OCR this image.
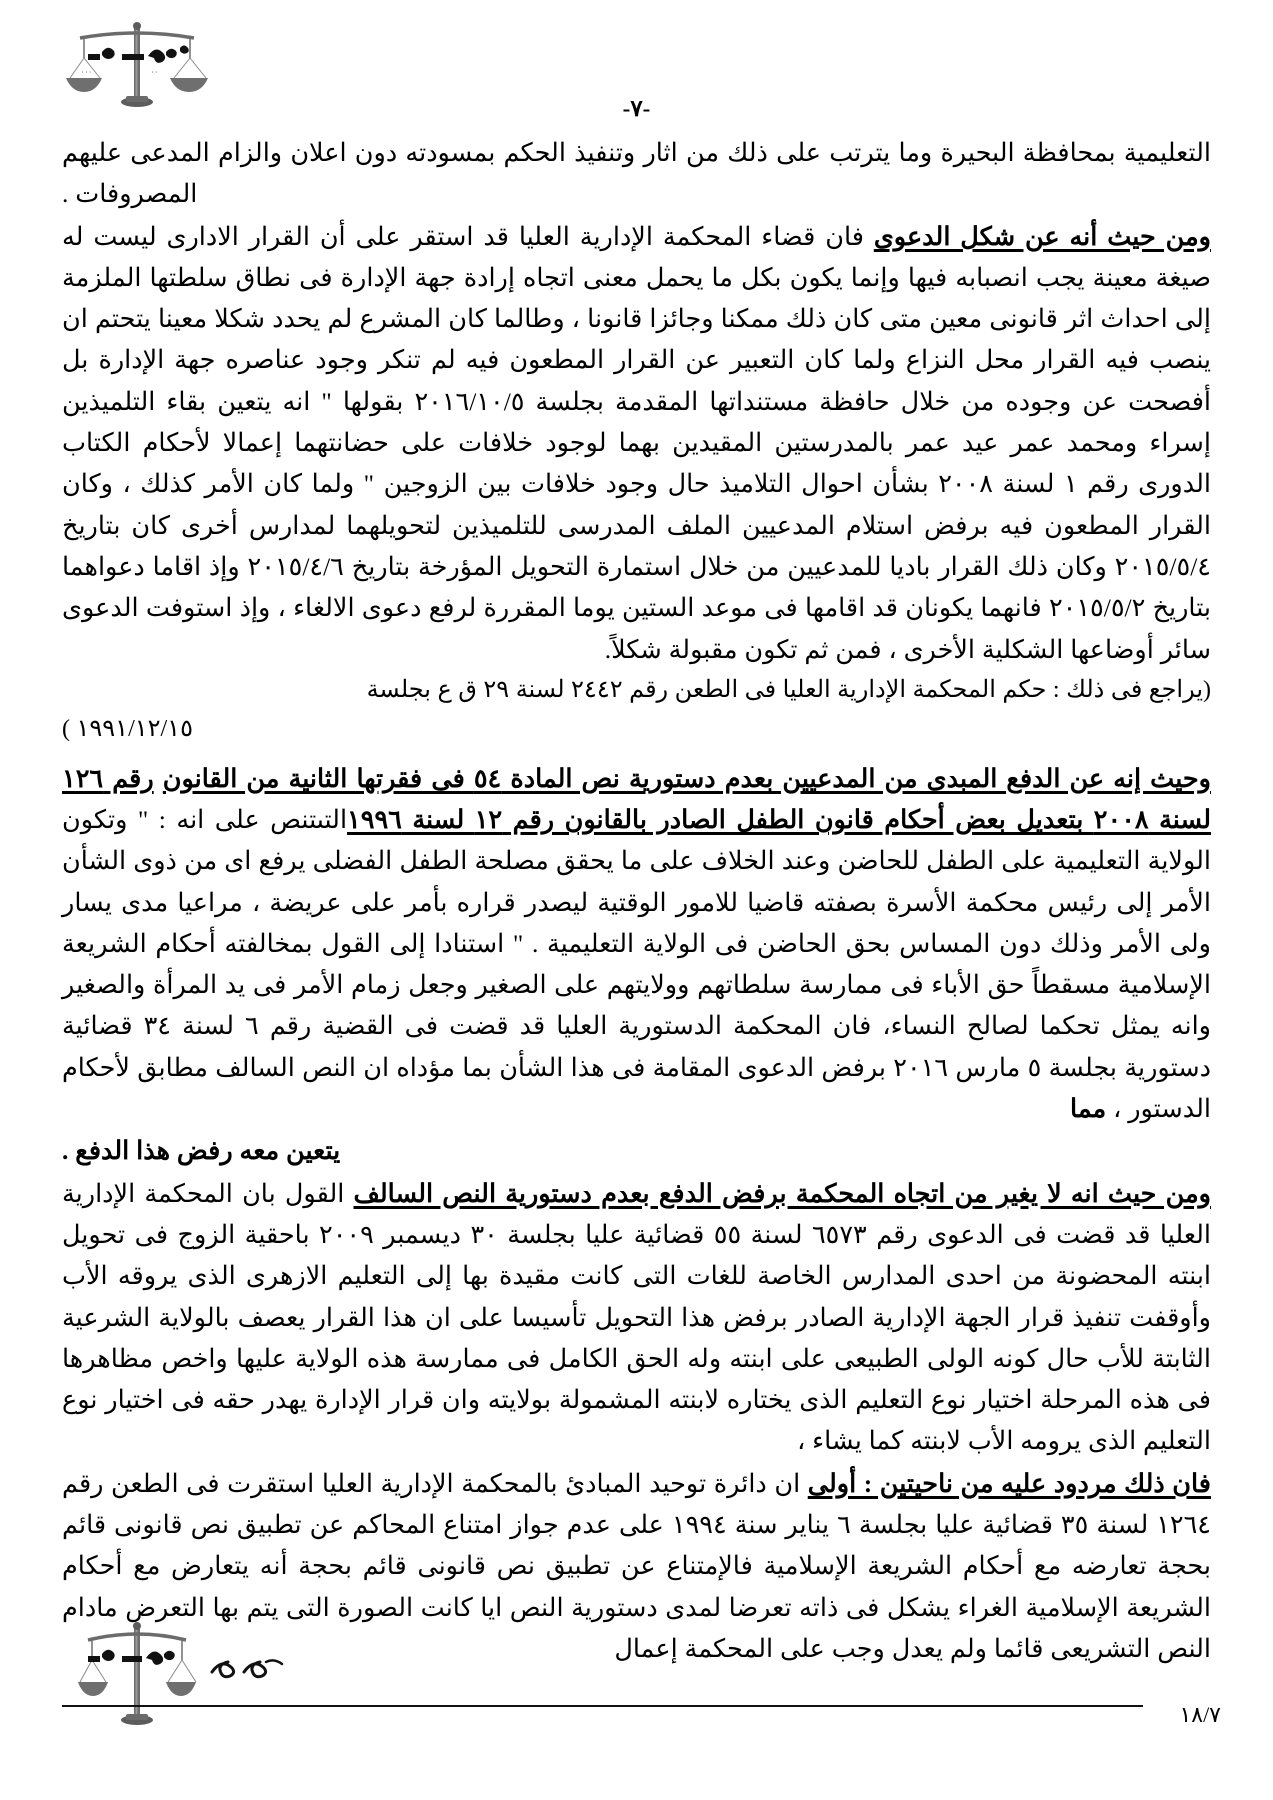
٠٠٠	٠٠
-٧-

التعليمية بمحافظة البحيرة وما يترتب على ذلك من اثار وتنفيذ الحكم بمسودته دون اعلان والزام المدعى عليهم المصروفات .

ومن حيث أنه عن شكل الدعوى فان قضاء المحكمة الإدارية العليا قد استقر على أن القرار الادارى ليست له صيغة معينة يجب انصبابه فيها وإنما يكون بكل ما يحمل معنى اتجاه إرادة جهة الإدارة فى نطاق سلطتها الملزمة إلى احداث اثر قانونى معين متى كان ذلك ممكنا وجائزا قانونا ، وطالما كان المشرع لم يحدد شكلا معينا يتحتم ان ينصب فيه القرار محل النزاع ولما كان التعبير عن القرار المطعون فيه لم تنكر وجود عناصره جهة الإدارة بل أفصحت عن وجوده من خلال حافظة مستنداتها المقدمة بجلسة ٢٠١٦/١٠/٥ بقولها " انه يتعين بقاء التلميذين إسراء ومحمد عمر عيد عمر بالمدرستين المقيدين بهما لوجود خلافات على حضانتهما إعمالا لأحكام الكتاب الدورى رقم ١ لسنة ٢٠٠٨ بشأن احوال التلاميذ حال وجود خلافات بين الزوجين " ولما كان الأمر كذلك ، وكان القرار المطعون فيه برفض استلام المدعيين الملف المدرسى للتلميذين لتحويلهما لمدارس أخرى كان بتاريخ ٢٠١٥/٥/٤ وكان ذلك القرار باديا للمدعيين من خلال استمارة التحويل المؤرخة بتاريخ ٢٠١٥/٤/٦ وإذ اقاما دعواهما بتاريخ ٢٠١٥/٥/٢ فانهما يكونان قد اقامها فى موعد الستين يوما المقررة لرفع دعوى الالغاء ، وإذ استوفت الدعوى سائر أوضاعها الشكلية الأخرى ، فمن ثم تكون مقبولة شكلاً.

(يراجع فى ذلك : حكم المحكمة الإدارية العليا فى الطعن رقم ٢٤٤٢ لسنة ٢٩ ق ع بجلسة

١٩٩١/١٢/١٥ )

وحيث إنه عن الدفع المبدى من المدعيين بعدم دستورية نص المادة ٥٤ فى فقرتها الثانية من القانون رقم ١٢٦ لسنة ٢٠٠٨ بتعديل بعض أحكام قانون الطفل الصادر بالقانون رقم ١٢ لسنة ١٩٩٦التىتنص على انه : " وتكون الولاية التعليمية على الطفل للحاضن وعند الخلاف على ما يحقق مصلحة الطفل الفضلى يرفع اى من ذوى الشأن الأمر إلى رئيس محكمة الأسرة بصفته قاضيا للامور الوقتية ليصدر قراره بأمر على عريضة ، مراعيا مدى يسار ولى الأمر وذلك دون المساس بحق الحاضن فى الولاية التعليمية . " استنادا إلى القول بمخالفته أحكام الشريعة الإسلامية مسقطاً حق الأباء فى ممارسة سلطاتهم وولايتهم على الصغير وجعل زمام الأمر فى يد المرأة والصغير وانه يمثل تحكما لصالح النساء، فان المحكمة الدستورية العليا قد قضت فى القضية رقم ٦ لسنة ٣٤ قضائية دستورية بجلسة ٥ مارس ٢٠١٦ برفض الدعوى المقامة فى هذا الشأن بما مؤداه ان النص السالف مطابق لأحكام الدستور ، مما

يتعين معه رفض هذا الدفع .

ومن حيث انه لا يغير من اتجاه المحكمة برفض الدفع بعدم دستورية النص السالف القول بان المحكمة الإدارية العليا قد قضت فى الدعوى رقم ٦٥٧٣ لسنة ٥٥ قضائية عليا بجلسة ٣٠ ديسمبر ٢٠٠٩ باحقية الزوج فى تحويل ابنته المحضونة من احدى المدارس الخاصة للغات التى كانت مقيدة بها إلى التعليم الازهرى الذى يروقه الأب وأوقفت تنفيذ قرار الجهة الإدارية الصادر برفض هذا التحويل تأسيسا على ان هذا القرار يعصف بالولاية الشرعية الثابتة للأب حال كونه الولى الطبيعى على ابنته وله الحق الكامل فى ممارسة هذه الولاية عليها واخص مظاهرها فى هذه المرحلة اختيار نوع التعليم الذى يختاره لابنته المشمولة بولايته وان قرار الإدارة يهدر حقه فى اختيار نوع التعليم الذى يرومه الأب لابنته كما يشاء ،

فان ذلك مردود عليه من ناحيتين : أولى ان دائرة توحيد المبادئ بالمحكمة الإدارية العليا استقرت فى الطعن رقم ١٢٦٤ لسنة ٣٥ قضائية عليا بجلسة ٦ يناير سنة ١٩٩٤ على عدم جواز امتناع المحاكم عن تطبيق نص قانونى قائم بحجة تعارضه مع أحكام الشريعة الإسلامية فالإمتناع عن تطبيق نص قانونى قائم بحجة أنه يتعارض مع أحكام الشريعة الإسلامية الغراء يشكل فى ذاته تعرضا لمدى دستورية النص ايا كانت الصورة التى يتم بها التعرض مادام النص التشريعى قائما ولم يعدل وجب على المحكمة إعمال

١٨/٧
